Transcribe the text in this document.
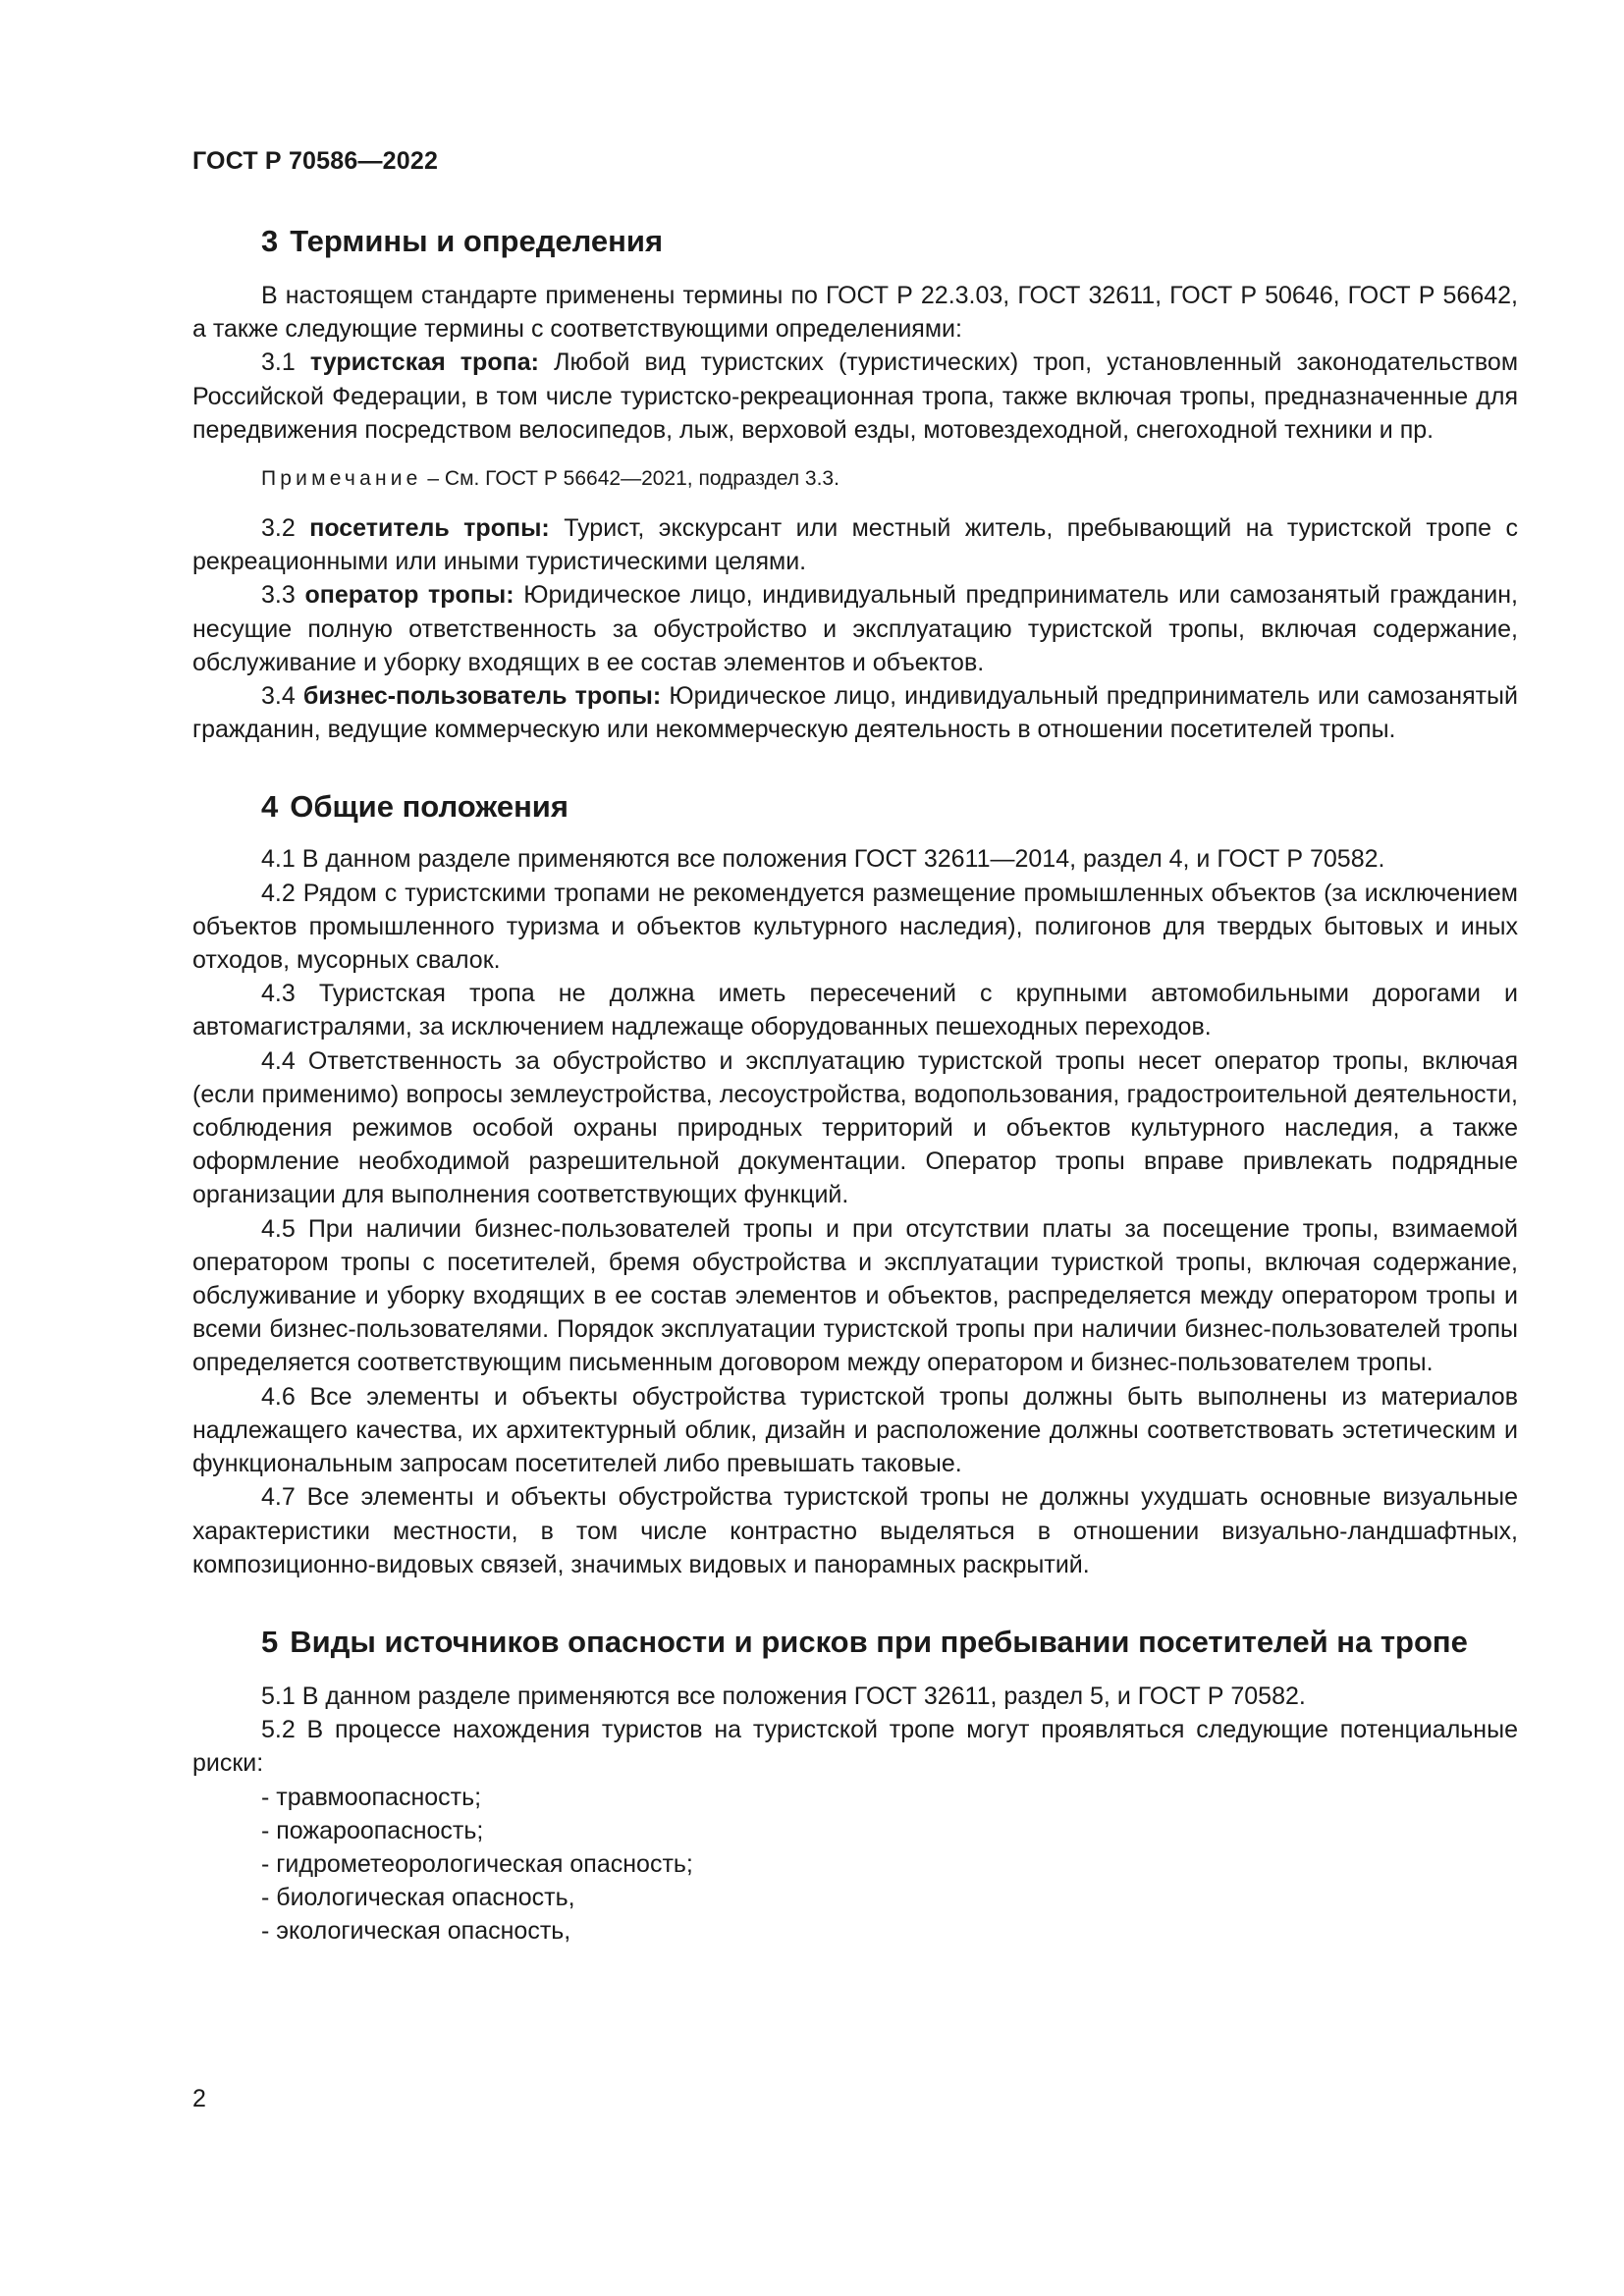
ГОСТ Р 70586—2022
3 Термины и определения

В настоящем стандарте применены термины по ГОСТ Р 22.3.03, ГОСТ 32611, ГОСТ Р 50646, ГОСТ Р 56642, а также следующие термины с соответствующими определениями:

3.1 туристская тропа: Любой вид туристских (туристических) троп, установленный законодательством Российской Федерации, в том числе туристско-рекреационная тропа, также включая тропы, предназначенные для передвижения посредством велосипедов, лыж, верховой езды, мотовездеходной, снегоходной техники и пр.

Примечание – См. ГОСТ Р 56642—2021, подраздел 3.3.

3.2 посетитель тропы: Турист, экскурсант или местный житель, пребывающий на туристской тропе с рекреационными или иными туристическими целями.

3.3 оператор тропы: Юридическое лицо, индивидуальный предприниматель или самозанятый гражданин, несущие полную ответственность за обустройство и эксплуатацию туристской тропы, включая содержание, обслуживание и уборку входящих в ее состав элементов и объектов.

3.4 бизнес-пользователь тропы: Юридическое лицо, индивидуальный предприниматель или самозанятый гражданин, ведущие коммерческую или некоммерческую деятельность в отношении посетителей тропы.

4 Общие положения

4.1 В данном разделе применяются все положения ГОСТ 32611—2014, раздел 4, и ГОСТ Р 70582.

4.2 Рядом с туристскими тропами не рекомендуется размещение промышленных объектов (за исключением объектов промышленного туризма и объектов культурного наследия), полигонов для твердых бытовых и иных отходов, мусорных свалок.

4.3 Туристская тропа не должна иметь пересечений с крупными автомобильными дорогами и автомагистралями, за исключением надлежаще оборудованных пешеходных переходов.

4.4 Ответственность за обустройство и эксплуатацию туристской тропы несет оператор тропы, включая (если применимо) вопросы землеустройства, лесоустройства, водопользования, градостроительной деятельности, соблюдения режимов особой охраны природных территорий и объектов культурного наследия, а также оформление необходимой разрешительной документации. Оператор тропы вправе привлекать подрядные организации для выполнения соответствующих функций.

4.5 При наличии бизнес-пользователей тропы и при отсутствии платы за посещение тропы, взимаемой оператором тропы с посетителей, бремя обустройства и эксплуатации туристкой тропы, включая содержание, обслуживание и уборку входящих в ее состав элементов и объектов, распределяется между оператором тропы и всеми бизнес-пользователями. Порядок эксплуатации туристской тропы при наличии бизнес-пользователей тропы определяется соответствующим письменным договором между оператором и бизнес-пользователем тропы.

4.6 Все элементы и объекты обустройства туристской тропы должны быть выполнены из материалов надлежащего качества, их архитектурный облик, дизайн и расположение должны соответствовать эстетическим и функциональным запросам посетителей либо превышать таковые.

4.7 Все элементы и объекты обустройства туристской тропы не должны ухудшать основные визуальные характеристики местности, в том числе контрастно выделяться в отношении визуально-ландшафтных, композиционно-видовых связей, значимых видовых и панорамных раскрытий.

5 Виды источников опасности и рисков при пребывании посетителей на тропе

5.1 В данном разделе применяются все положения ГОСТ 32611, раздел 5, и ГОСТ Р 70582.

5.2 В процессе нахождения туристов на туристской тропе могут проявляться следующие потенциальные риски:

- травмоопасность;

- пожароопасность;

- гидрометеорологическая опасность;

- биологическая опасность,

- экологическая опасность,

2
